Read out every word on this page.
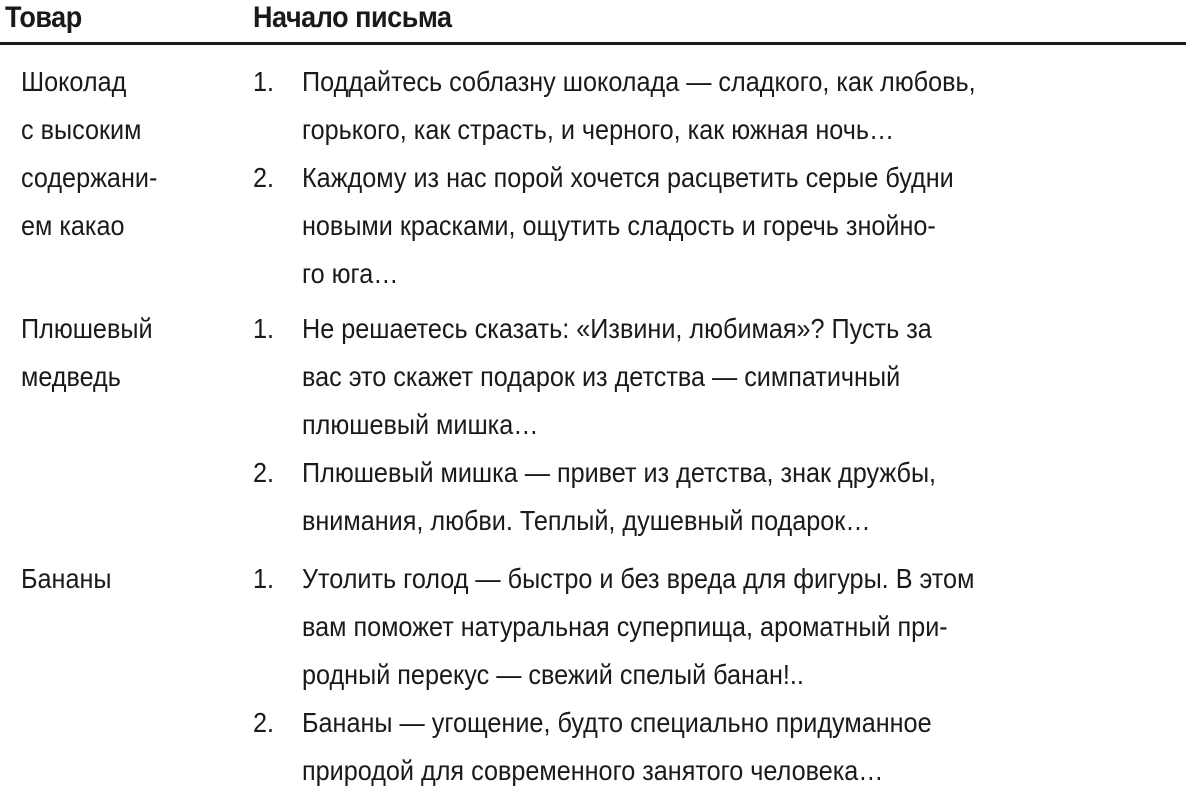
Товар	Начало письма
Шоколад
с высоким
содержани-
ем какао
1. Поддайтесь соблазну шоколада — сладкого, как любовь,
горького, как страсть, и черного, как южная ночь…
2. Каждому из нас порой хочется расцветить серые будни
новыми красками, ощутить сладость и горечь знойно-
го юга…
Плюшевый
медведь
1. Не решаетесь сказать: «Извини, любимая»? Пусть за
вас это скажет подарок из детства — симпатичный
плюшевый мишка…
2. Плюшевый мишка — привет из детства, знак дружбы,
внимания, любви. Теплый, душевный подарок…
Бананы	1. Утолить голод — быстро и без вреда для фигуры. В этом
вам поможет натуральная суперпища, ароматный при-
родный перекус — свежий спелый банан!..
2. Бананы — угощение, будто специально придуманное
природой для современного занятого человека…
